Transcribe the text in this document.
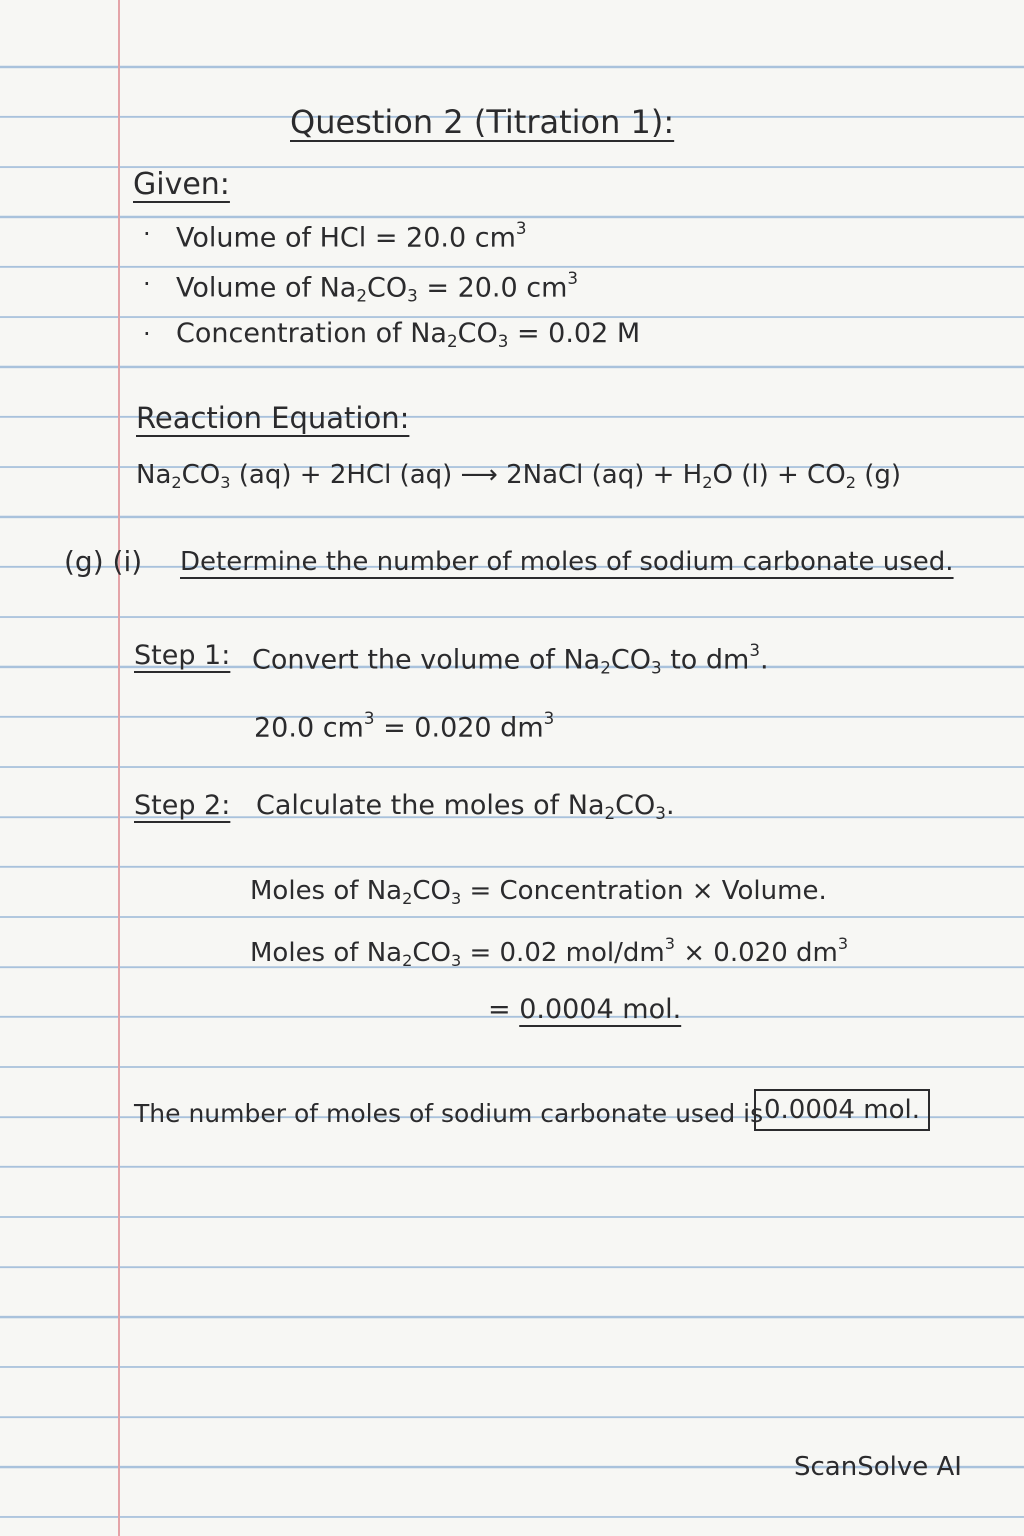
Question 2 (Titration 1):
Given:
· Volume of HCl = 20.0 $cm^3$
· Volume of $Na_2CO_3 = 20.0$ $cm^3$
· Concentration of $Na_2CO_3 = 0.02$ M
Reaction Equation:
$Na_2CO_3$ (aq) + 2HCl (aq) ⟶ 2NaCl $(aq) + H_2O$ $(l) + CO_2$ (g)
(g) (i) Determine the number of moles of sodium carbonate used.
Step 1: Convert the volume of $Na_2CO_3$ to $dm^3$.
20.0 $cm^3 = 0.020$ $dm^3$
Step 2: Calculate the moles of $Na_2CO_3$.
Moles of $Na_2CO_3$ = Concentration × Volume.
Moles of $Na_2CO_3 = 0.02$ mol/$dm^3 \times 0.020$ $dm^3$
= 0.0004 mol.
The number of moles of sodium carbonate used is 0.0004 mol.
ScanSolve AI
